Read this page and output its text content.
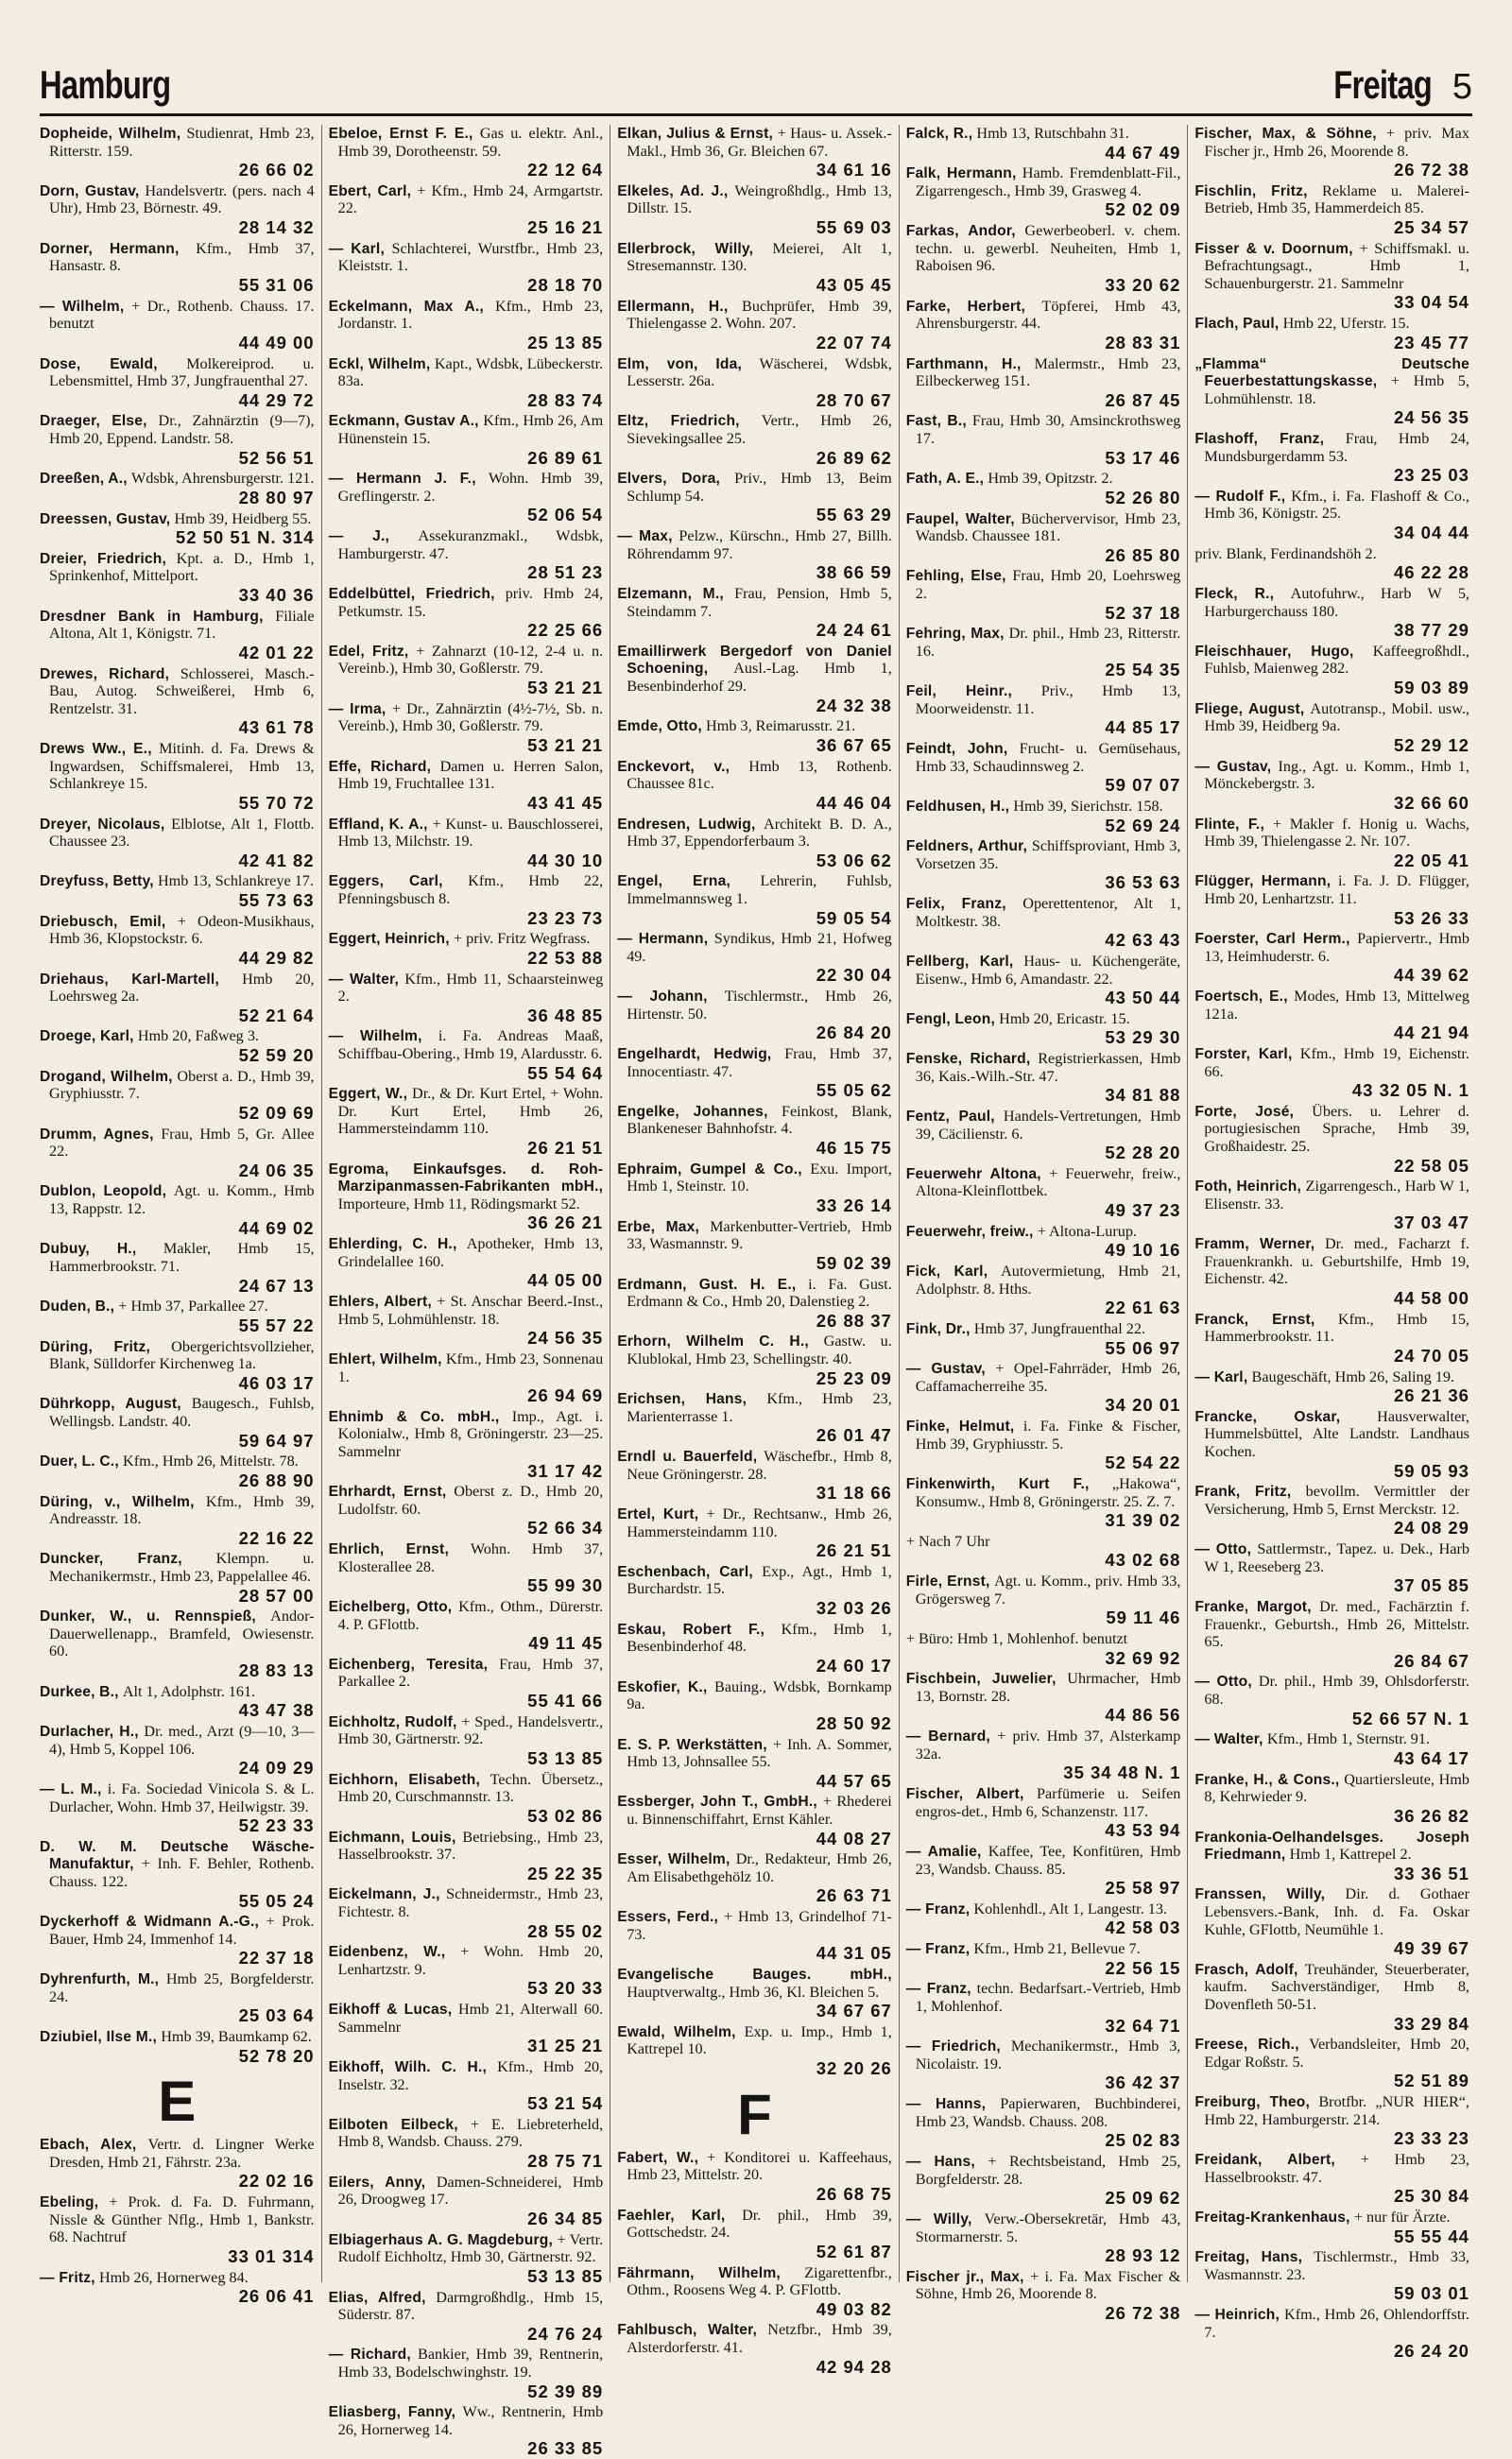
Hamburg	Freitag 5
Dopheide, Wilhelm, Studienrat, Hmb 23, Ritterstr. 159.
26 66 02
Dorn, Gustav, Handelsvertr. (pers. nach 4 Uhr), Hmb 23, Börnestr. 49.
28 14 32
Dorner, Hermann, Kfm., Hmb 37, Hansastr. 8.
55 31 06
— Wilhelm, + Dr., Rothenb. Chauss. 17. benutzt
44 49 00
Dose, Ewald, Molkereiprod. u. Lebensmittel, Hmb 37, Jungfrauenthal 27.
44 29 72
Draeger, Else, Dr., Zahnärztin (9—7), Hmb 20, Eppend. Landstr. 58.
52 56 51
Dreeßen, A., Wdsbk, Ahrensburgerstr. 121.
28 80 97
Dreessen, Gustav, Hmb 39, Heidberg 55.
52 50 51 N. 314
Dreier, Friedrich, Kpt. a. D., Hmb 1, Sprinkenhof, Mittelport.
33 40 36
Dresdner Bank in Hamburg, Filiale Altona, Alt 1, Königstr. 71.
42 01 22
Drewes, Richard, Schlosserei, Masch.-Bau, Autog. Schweißerei, Hmb 6, Rentzelstr. 31.
43 61 78
Drews Ww., E., Mitinh. d. Fa. Drews & Ingwardsen, Schiffsmalerei, Hmb 13, Schlankreye 15.
55 70 72
Dreyer, Nicolaus, Elblotse, Alt 1, Flottb. Chaussee 23.
42 41 82
Dreyfuss, Betty, Hmb 13, Schlankreye 17.
55 73 63
Driebusch, Emil, + Odeon-Musikhaus, Hmb 36, Klopstockstr. 6.
44 29 82
Driehaus, Karl-Martell, Hmb 20, Loehrsweg 2a.
52 21 64
Droege, Karl, Hmb 20, Faßweg 3.
52 59 20
Drogand, Wilhelm, Oberst a. D., Hmb 39, Gryphiusstr. 7.
52 09 69
Drumm, Agnes, Frau, Hmb 5, Gr. Allee 22.
24 06 35
Dublon, Leopold, Agt. u. Komm., Hmb 13, Rappstr. 12.
44 69 02
Dubuy, H., Makler, Hmb 15, Hammerbrookstr. 71.
24 67 13
Duden, B., + Hmb 37, Parkallee 27.
55 57 22
Düring, Fritz, Obergerichtsvollzieher, Blank, Sülldorfer Kirchenweg 1a.
46 03 17
Dührkopp, August, Baugesch., Fuhlsb, Wellingsb. Landstr. 40.
59 64 97
Duer, L. C., Kfm., Hmb 26, Mittelstr. 78.
26 88 90
Düring, v., Wilhelm, Kfm., Hmb 39, Andreasstr. 18.
22 16 22
Duncker, Franz, Klempn. u. Mechanikermstr., Hmb 23, Pappelallee 46.
28 57 00
Dunker, W., u. Rennspieß, Andor-Dauerwellenapp., Bramfeld, Owiesenstr. 60.
28 83 13
Durkee, B., Alt 1, Adolphstr. 161.
43 47 38
Durlacher, H., Dr. med., Arzt (9—10, 3—4), Hmb 5, Koppel 106.
24 09 29
— L. M., i. Fa. Sociedad Vinicola S. & L. Durlacher, Wohn. Hmb 37, Heilwigstr. 39.
52 23 33
D. W. M. Deutsche Wäsche-Manufaktur, + Inh. F. Behler, Rothenb. Chauss. 122.
55 05 24
Dyckerhoff & Widmann A.-G., + Prok. Bauer, Hmb 24, Immenhof 14.
22 37 18
Dyhrenfurth, M., Hmb 25, Borgfelderstr. 24.
25 03 64
Dziubiel, Ilse M., Hmb 39, Baumkamp 62.
52 78 20
E
Ebach, Alex, Vertr. d. Lingner Werke Dresden, Hmb 21, Fährstr. 23a.
22 02 16
Ebeling, + Prok. d. Fa. D. Fuhrmann, Nissle & Günther Nflg., Hmb 1, Bankstr. 68. Nachtruf
33 01 314
— Fritz, Hmb 26, Hornerweg 84.
26 06 41
Ebeloe, Ernst F. E., Gas u. elektr. Anl., Hmb 39, Dorotheenstr. 59.
22 12 64
Ebert, Carl, + Kfm., Hmb 24, Armgartstr. 22.
25 16 21
— Karl, Schlachterei, Wurstfbr., Hmb 23, Kleiststr. 1.
28 18 70
Eckelmann, Max A., Kfm., Hmb 23, Jordanstr. 1.
25 13 85
Eckl, Wilhelm, Kapt., Wdsbk, Lübeckerstr. 83a.
28 83 74
Eckmann, Gustav A., Kfm., Hmb 26, Am Hünenstein 15.
26 89 61
— Hermann J. F., Wohn. Hmb 39, Greflingerstr. 2.
52 06 54
— J., Assekuranzmakl., Wdsbk, Hamburgerstr. 47.
28 51 23
Eddelbüttel, Friedrich, priv. Hmb 24, Petkumstr. 15.
22 25 66
Edel, Fritz, + Zahnarzt (10-12, 2-4 u. n. Vereinb.), Hmb 30, Goßlerstr. 79.
53 21 21
— Irma, + Dr., Zahnärztin (4½-7½, Sb. n. Vereinb.), Hmb 30, Goßlerstr. 79.
53 21 21
Effe, Richard, Damen u. Herren Salon, Hmb 19, Fruchtallee 131.
43 41 45
Effland, K. A., + Kunst- u. Bauschlosserei, Hmb 13, Milchstr. 19.
44 30 10
Eggers, Carl, Kfm., Hmb 22, Pfenningsbusch 8.
23 23 73
Eggert, Heinrich, + priv. Fritz Wegfrass.
22 53 88
— Walter, Kfm., Hmb 11, Schaarsteinweg 2.
36 48 85
— Wilhelm, i. Fa. Andreas Maaß, Schiffbau-Obering., Hmb 19, Alardusstr. 6.
55 54 64
Eggert, W., Dr., & Dr. Kurt Ertel, + Wohn. Dr. Kurt Ertel, Hmb 26, Hammersteindamm 110.
26 21 51
Egroma, Einkaufsges. d. Roh-Marzipanmassen-Fabrikanten mbH., Importeure, Hmb 11, Rödingsmarkt 52.
36 26 21
Ehlerding, C. H., Apotheker, Hmb 13, Grindelallee 160.
44 05 00
Ehlers, Albert, + St. Anschar Beerd.-Inst., Hmb 5, Lohmühlenstr. 18.
24 56 35
Ehlert, Wilhelm, Kfm., Hmb 23, Sonnenau 1.
26 94 69
Ehnimb & Co. mbH., Imp., Agt. i. Kolonialw., Hmb 8, Gröningerstr. 23—25. Sammelnr
31 17 42
Ehrhardt, Ernst, Oberst z. D., Hmb 20, Ludolfstr. 60.
52 66 34
Ehrlich, Ernst, Wohn. Hmb 37, Klosterallee 28.
55 99 30
Eichelberg, Otto, Kfm., Othm., Dürerstr. 4. P. GFlottb.
49 11 45
Eichenberg, Teresita, Frau, Hmb 37, Parkallee 2.
55 41 66
Eichholtz, Rudolf, + Sped., Handelsvertr., Hmb 30, Gärtnerstr. 92.
53 13 85
Eichhorn, Elisabeth, Techn. Übersetz., Hmb 20, Curschmannstr. 13.
53 02 86
Eichmann, Louis, Betriebsing., Hmb 23, Hasselbrookstr. 37.
25 22 35
Eickelmann, J., Schneidermstr., Hmb 23, Fichtestr. 8.
28 55 02
Eidenbenz, W., + Wohn. Hmb 20, Lenhartzstr. 9.
53 20 33
Eikhoff & Lucas, Hmb 21, Alterwall 60. Sammelnr
31 25 21
Eikhoff, Wilh. C. H., Kfm., Hmb 20, Inselstr. 32.
53 21 54
Eilboten Eilbeck, + E. Liebreterheld, Hmb 8, Wandsb. Chauss. 279.
28 75 71
Eilers, Anny, Damen-Schneiderei, Hmb 26, Droogweg 17.
26 34 85
Elbiagerhaus A. G. Magdeburg, + Vertr. Rudolf Eichholtz, Hmb 30, Gärtnerstr. 92.
53 13 85
Elias, Alfred, Darmgroßhdlg., Hmb 15, Süderstr. 87.
24 76 24
— Richard, Bankier, Hmb 39, Rentnerin, Hmb 33, Bodelschwinghstr. 19.
52 39 89
Eliasberg, Fanny, Ww., Rentnerin, Hmb 26, Hornerweg 14.
26 33 85
Elkan, Julius & Ernst, + Haus- u. Assek.-Makl., Hmb 36, Gr. Bleichen 67.
34 61 16
Elkeles, Ad. J., Weingroßhdlg., Hmb 13, Dillstr. 15.
55 69 03
Ellerbrock, Willy, Meierei, Alt 1, Stresemannstr. 130.
43 05 45
Ellermann, H., Buchprüfer, Hmb 39, Thielengasse 2. Wohn. 207.
22 07 74
Elm, von, Ida, Wäscherei, Wdsbk, Lesserstr. 26a.
28 70 67
Eltz, Friedrich, Vertr., Hmb 26, Sievekingsallee 25.
26 89 62
Elvers, Dora, Priv., Hmb 13, Beim Schlump 54.
55 63 29
— Max, Pelzw., Kürschn., Hmb 27, Billh. Röhrendamm 97.
38 66 59
Elzemann, M., Frau, Pension, Hmb 5, Steindamm 7.
24 24 61
Emaillirwerk Bergedorf von Daniel Schoening, Ausl.-Lag. Hmb 1, Besenbinderhof 29.
24 32 38
Emde, Otto, Hmb 3, Reimarusstr. 21.
36 67 65
Enckevort, v., Hmb 13, Rothenb. Chaussee 81c.
44 46 04
Endresen, Ludwig, Architekt B. D. A., Hmb 37, Eppendorferbaum 3.
53 06 62
Engel, Erna, Lehrerin, Fuhlsb, Immelmannsweg 1.
59 05 54
— Hermann, Syndikus, Hmb 21, Hofweg 49.
22 30 04
— Johann, Tischlermstr., Hmb 26, Hirtenstr. 50.
26 84 20
Engelhardt, Hedwig, Frau, Hmb 37, Innocentiastr. 47.
55 05 62
Engelke, Johannes, Feinkost, Blank, Blankeneser Bahnhofstr. 4.
46 15 75
Ephraim, Gumpel & Co., Exu. Import, Hmb 1, Steinstr. 10.
33 26 14
Erbe, Max, Markenbutter-Vertrieb, Hmb 33, Wasmannstr. 9.
59 02 39
Erdmann, Gust. H. E., i. Fa. Gust. Erdmann & Co., Hmb 20, Dalenstieg 2.
26 88 37
Erhorn, Wilhelm C. H., Gastw. u. Klublokal, Hmb 23, Schellingstr. 40.
25 23 09
Erichsen, Hans, Kfm., Hmb 23, Marienterrasse 1.
26 01 47
Erndl u. Bauerfeld, Wäschefbr., Hmb 8, Neue Gröningerstr. 28.
31 18 66
Ertel, Kurt, + Dr., Rechtsanw., Hmb 26, Hammersteindamm 110.
26 21 51
Eschenbach, Carl, Exp., Agt., Hmb 1, Burchardstr. 15.
32 03 26
Eskau, Robert F., Kfm., Hmb 1, Besenbinderhof 48.
24 60 17
Eskofier, K., Bauing., Wdsbk, Bornkamp 9a.
28 50 92
E. S. P. Werkstätten, + Inh. A. Sommer, Hmb 13, Johnsallee 55.
44 57 65
Essberger, John T., GmbH., + Rhederei u. Binnenschiffahrt, Ernst Kähler.
44 08 27
Esser, Wilhelm, Dr., Redakteur, Hmb 26, Am Elisabethgehölz 10.
26 63 71
Essers, Ferd., + Hmb 13, Grindelhof 71-73.
44 31 05
Evangelische Bauges. mbH., Hauptverwaltg., Hmb 36, Kl. Bleichen 5.
34 67 67
Ewald, Wilhelm, Exp. u. Imp., Hmb 1, Kattrepel 10.
32 20 26
F
Fabert, W., + Konditorei u. Kaffeehaus, Hmb 23, Mittelstr. 20.
26 68 75
Faehler, Karl, Dr. phil., Hmb 39, Gottschedstr. 24.
52 61 87
Fährmann, Wilhelm, Zigarettenfbr., Othm., Roosens Weg 4. P. GFlottb.
49 03 82
Fahlbusch, Walter, Netzfbr., Hmb 39, Alsterdorferstr. 41.
42 94 28
Falck, R., Hmb 13, Rutschbahn 31.
44 67 49
Falk, Hermann, Hamb. Fremdenblatt-Fil., Zigarrengesch., Hmb 39, Grasweg 4.
52 02 09
Farkas, Andor, Gewerbeoberl. v. chem. techn. u. gewerbl. Neuheiten, Hmb 1, Raboisen 96.
33 20 62
Farke, Herbert, Töpferei, Hmb 43, Ahrensburgerstr. 44.
28 83 31
Farthmann, H., Malermstr., Hmb 23, Eilbeckerweg 151.
26 87 45
Fast, B., Frau, Hmb 30, Amsinckrothsweg 17.
53 17 46
Fath, A. E., Hmb 39, Opitzstr. 2.
52 26 80
Faupel, Walter, Büchervervisor, Hmb 23, Wandsb. Chaussee 181.
26 85 80
Fehling, Else, Frau, Hmb 20, Loehrsweg 2.
52 37 18
Fehring, Max, Dr. phil., Hmb 23, Ritterstr. 16.
25 54 35
Feil, Heinr., Priv., Hmb 13, Moorweidenstr. 11.
44 85 17
Feindt, John, Frucht- u. Gemüsehaus, Hmb 33, Schaudinnsweg 2.
59 07 07
Feldhusen, H., Hmb 39, Sierichstr. 158.
52 69 24
Feldners, Arthur, Schiffsproviant, Hmb 3, Vorsetzen 35.
36 53 63
Felix, Franz, Operettentenor, Alt 1, Moltkestr. 38.
42 63 43
Fellberg, Karl, Haus- u. Küchengeräte, Eisenw., Hmb 6, Amandastr. 22.
43 50 44
Fengl, Leon, Hmb 20, Ericastr. 15.
53 29 30
Fenske, Richard, Registrierkassen, Hmb 36, Kais.-Wilh.-Str. 47.
34 81 88
Fentz, Paul, Handels-Vertretungen, Hmb 39, Cäcilienstr. 6.
52 28 20
Feuerwehr Altona, + Feuerwehr, freiw., Altona-Kleinflottbek.
49 37 23
Feuerwehr, freiw., + Altona-Lurup.
49 10 16
Fick, Karl, Autovermietung, Hmb 21, Adolphstr. 8. Hths.
22 61 63
Fink, Dr., Hmb 37, Jungfrauenthal 22.
55 06 97
— Gustav, + Opel-Fahrräder, Hmb 26, Caffamacherreihe 35.
34 20 01
Finke, Helmut, i. Fa. Finke & Fischer, Hmb 39, Gryphiusstr. 5.
52 54 22
Finkenwirth, Kurt F., „Hakowa“, Konsumw., Hmb 8, Gröningerstr. 25. Z. 7.
31 39 02
+ Nach 7 Uhr
43 02 68
Firle, Ernst, Agt. u. Komm., priv. Hmb 33, Grögersweg 7.
59 11 46
+ Büro: Hmb 1, Mohlenhof. benutzt
32 69 92
Fischbein, Juwelier, Uhrmacher, Hmb 13, Bornstr. 28.
44 86 56
— Bernard, + priv. Hmb 37, Alsterkamp 32a.
35 34 48 N. 1
Fischer, Albert, Parfümerie u. Seifen engros-det., Hmb 6, Schanzenstr. 117.
43 53 94
— Amalie, Kaffee, Tee, Konfitüren, Hmb 23, Wandsb. Chauss. 85.
25 58 97
— Franz, Kohlenhdl., Alt 1, Langestr. 13.
42 58 03
— Franz, Kfm., Hmb 21, Bellevue 7.
22 56 15
— Franz, techn. Bedarfsart.-Vertrieb, Hmb 1, Mohlenhof.
32 64 71
— Friedrich, Mechanikermstr., Hmb 3, Nicolaistr. 19.
36 42 37
— Hanns, Papierwaren, Buchbinderei, Hmb 23, Wandsb. Chauss. 208.
25 02 83
— Hans, + Rechtsbeistand, Hmb 25, Borgfelderstr. 28.
25 09 62
— Willy, Verw.-Obersekretär, Hmb 43, Stormarnerstr. 5.
28 93 12
Fischer jr., Max, + i. Fa. Max Fischer & Söhne, Hmb 26, Moorende 8.
26 72 38
Fischer, Max, & Söhne, + priv. Max Fischer jr., Hmb 26, Moorende 8.
26 72 38
Fischlin, Fritz, Reklame u. Malerei-Betrieb, Hmb 35, Hammerdeich 85.
25 34 57
Fisser & v. Doornum, + Schiffsmakl. u. Befrachtungsagt., Hmb 1, Schauenburgerstr. 21. Sammelnr
33 04 54
Flach, Paul, Hmb 22, Uferstr. 15.
23 45 77
„Flamma“ Deutsche Feuerbestattungskasse, + Hmb 5, Lohmühlenstr. 18.
24 56 35
Flashoff, Franz, Frau, Hmb 24, Mundsburgerdamm 53.
23 25 03
— Rudolf F., Kfm., i. Fa. Flashoff & Co., Hmb 36, Königstr. 25.
34 04 44
priv. Blank, Ferdinandshöh 2.
46 22 28
Fleck, R., Autofuhrw., Harb W 5, Harburgerchauss 180.
38 77 29
Fleischhauer, Hugo, Kaffeegroßhdl., Fuhlsb, Maienweg 282.
59 03 89
Fliege, August, Autotransp., Mobil. usw., Hmb 39, Heidberg 9a.
52 29 12
— Gustav, Ing., Agt. u. Komm., Hmb 1, Mönckebergstr. 3.
32 66 60
Flinte, F., + Makler f. Honig u. Wachs, Hmb 39, Thielengasse 2. Nr. 107.
22 05 41
Flügger, Hermann, i. Fa. J. D. Flügger, Hmb 20, Lenhartzstr. 11.
53 26 33
Foerster, Carl Herm., Papiervertr., Hmb 13, Heimhuderstr. 6.
44 39 62
Foertsch, E., Modes, Hmb 13, Mittelweg 121a.
44 21 94
Forster, Karl, Kfm., Hmb 19, Eichenstr. 66.
43 32 05 N. 1
Forte, José, Übers. u. Lehrer d. portugiesischen Sprache, Hmb 39, Großhaidestr. 25.
22 58 05
Foth, Heinrich, Zigarrengesch., Harb W 1, Elisenstr. 33.
37 03 47
Framm, Werner, Dr. med., Facharzt f. Frauenkrankh. u. Geburtshilfe, Hmb 19, Eichenstr. 42.
44 58 00
Franck, Ernst, Kfm., Hmb 15, Hammerbrookstr. 11.
24 70 05
— Karl, Baugeschäft, Hmb 26, Saling 19.
26 21 36
Francke, Oskar, Hausverwalter, Hummelsbüttel, Alte Landstr. Landhaus Kochen.
59 05 93
Frank, Fritz, bevollm. Vermittler der Versicherung, Hmb 5, Ernst Merckstr. 12.
24 08 29
— Otto, Sattlermstr., Tapez. u. Dek., Harb W 1, Reeseberg 23.
37 05 85
Franke, Margot, Dr. med., Fachärztin f. Frauenkr., Geburtsh., Hmb 26, Mittelstr. 65.
26 84 67
— Otto, Dr. phil., Hmb 39, Ohlsdorferstr. 68.
52 66 57 N. 1
— Walter, Kfm., Hmb 1, Sternstr. 91.
43 64 17
Franke, H., & Cons., Quartiersleute, Hmb 8, Kehrwieder 9.
36 26 82
Frankonia-Oelhandelsges. Joseph Friedmann, Hmb 1, Kattrepel 2.
33 36 51
Franssen, Willy, Dir. d. Gothaer Lebensvers.-Bank, Inh. d. Fa. Oskar Kuhle, GFlottb, Neumühle 1.
49 39 67
Frasch, Adolf, Treuhänder, Steuerberater, kaufm. Sachverständiger, Hmb 8, Dovenfleth 50-51.
33 29 84
Freese, Rich., Verbandsleiter, Hmb 20, Edgar Roßstr. 5.
52 51 89
Freiburg, Theo, Brotfbr. „NUR HIER“, Hmb 22, Hamburgerstr. 214.
23 33 23
Freidank, Albert, + Hmb 23, Hasselbrookstr. 47.
25 30 84
Freitag-Krankenhaus, + nur für Ärzte.
55 55 44
Freitag, Hans, Tischlermstr., Hmb 33, Wasmannstr. 23.
59 03 01
— Heinrich, Kfm., Hmb 26, Ohlendorffstr. 7.
26 24 20
